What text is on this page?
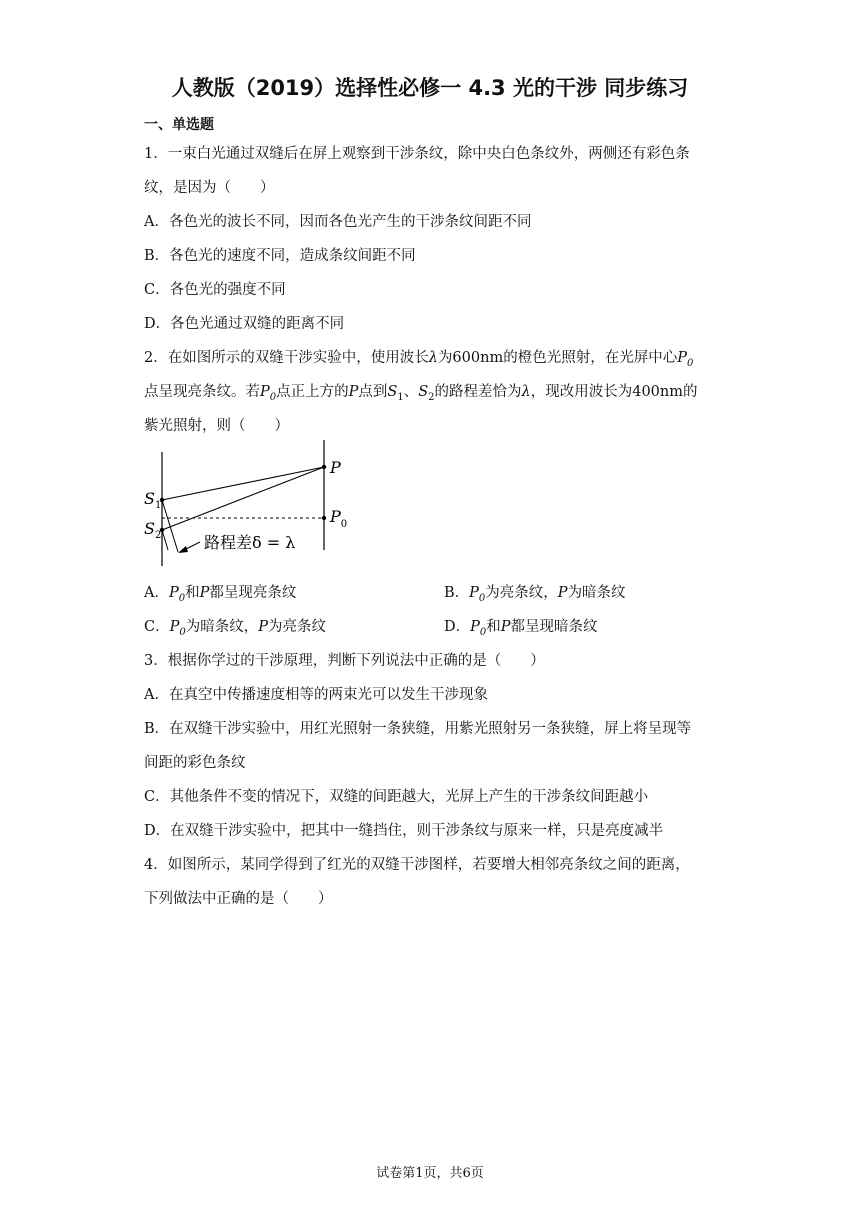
人教版（2019）选择性必修一 4.3 光的干涉 同步练习
一、单选题
1．一束白光通过双缝后在屏上观察到干涉条纹，除中央白色条纹外，两侧还有彩色条
纹，是因为（　　）
A．各色光的波长不同，因而各色光产生的干涉条纹间距不同
B．各色光的速度不同，造成条纹间距不同
C．各色光的强度不同
D．各色光通过双缝的距离不同
2．在如图所示的双缝干涉实验中，使用波长λ为600nm的橙色光照射，在光屏中心$P_0$
点呈现亮条纹。若$P_0$点正上方的P点到$S_1$、$S_2$的路程差恰为λ，现改用波长为400nm的
紫光照射，则（　　）
P
$P_0$
$S_1$
$S_2$	路程差δ = λ
A．$P_0$和P都呈现亮条纹	B．$P_0$为亮条纹，P为暗条纹
C．$P_0$为暗条纹，P为亮条纹	D．$P_0$和P都呈现暗条纹
3．根据你学过的干涉原理，判断下列说法中正确的是（　　）
A．在真空中传播速度相等的两束光可以发生干涉现象
B．在双缝干涉实验中，用红光照射一条狭缝，用紫光照射另一条狭缝，屏上将呈现等
间距的彩色条纹
C．其他条件不变的情况下，双缝的间距越大，光屏上产生的干涉条纹间距越小
D．在双缝干涉实验中，把其中一缝挡住，则干涉条纹与原来一样，只是亮度减半
4．如图所示，某同学得到了红光的双缝干涉图样，若要增大相邻亮条纹之间的距离，
下列做法中正确的是（　　）
试卷第1页，共6页
